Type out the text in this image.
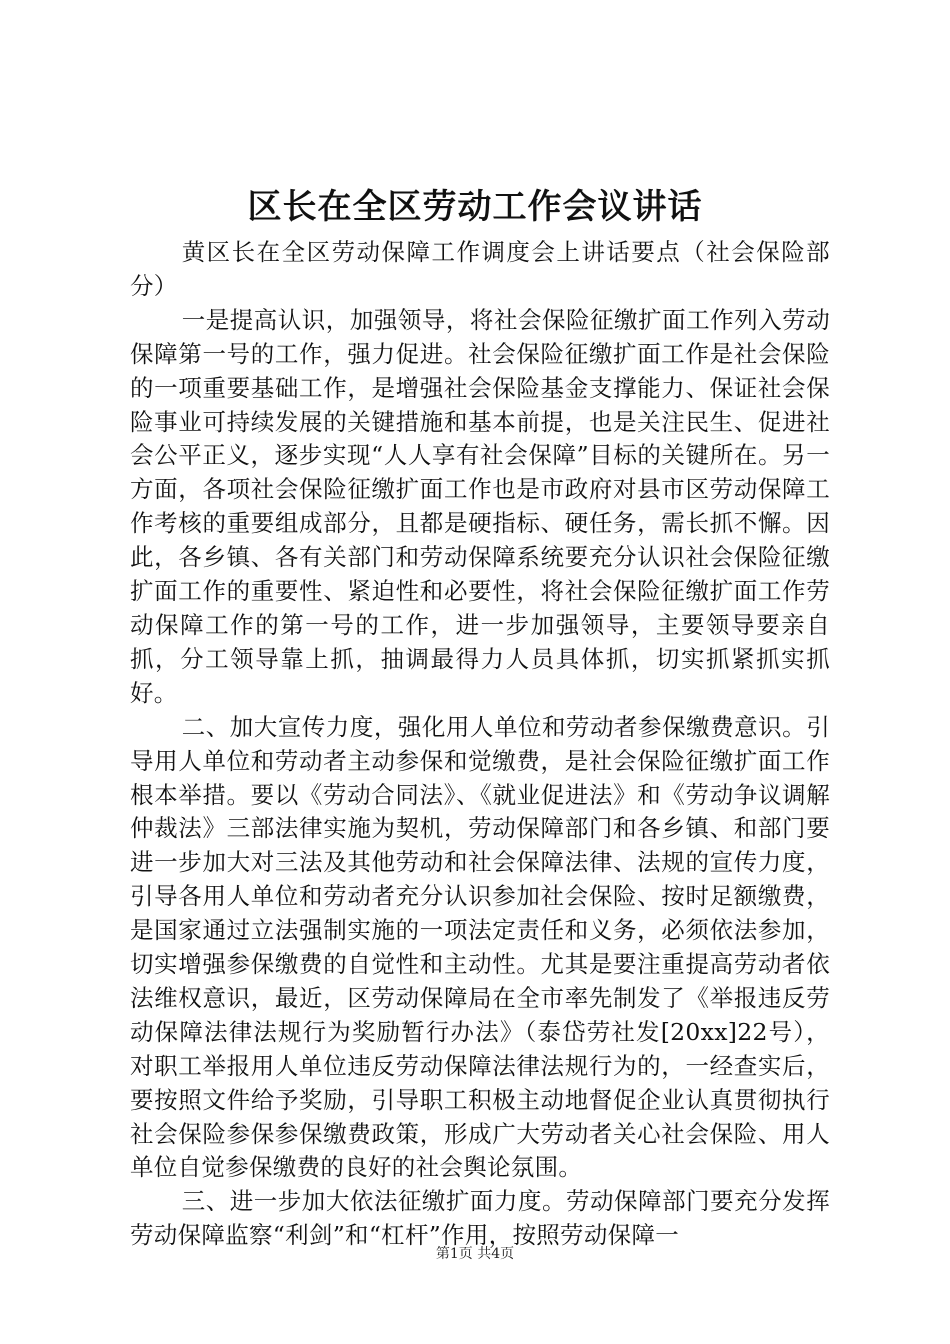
区长在全区劳动工作会议讲话

黄区长在全区劳动保障工作调度会上讲话要点（社会保险部分）

一是提高认识，加强领导，将社会保险征缴扩面工作列入劳动保障第一号的工作，强力促进。社会保险征缴扩面工作是社会保险的一项重要基础工作，是增强社会保险基金支撑能力、保证社会保险事业可持续发展的关键措施和基本前提，也是关注民生、促进社会公平正义，逐步实现“人人享有社会保障”目标的关键所在。另一方面，各项社会保险征缴扩面工作也是市政府对县市区劳动保障工作考核的重要组成部分，且都是硬指标、硬任务，需长抓不懈。因此，各乡镇、各有关部门和劳动保障系统要充分认识社会保险征缴扩面工作的重要性、紧迫性和必要性，将社会保险征缴扩面工作劳动保障工作的第一号的工作，进一步加强领导，主要领导要亲自抓，分工领导靠上抓，抽调最得力人员具体抓，切实抓紧抓实抓好。

二、加大宣传力度，强化用人单位和劳动者参保缴费意识。引导用人单位和劳动者主动参保和觉缴费，是社会保险征缴扩面工作根本举措。要以《劳动合同法》、《就业促进法》和《劳动争议调解仲裁法》三部法律实施为契机，劳动保障部门和各乡镇、和部门要进一步加大对三法及其他劳动和社会保障法律、法规的宣传力度，引导各用人单位和劳动者充分认识参加社会保险、按时足额缴费，是国家通过立法强制实施的一项法定责任和义务，必须依法参加，切实增强参保缴费的自觉性和主动性。尤其是要注重提高劳动者依法维权意识，最近，区劳动保障局在全市率先制发了《举报违反劳动保障法律法规行为奖励暂行办法》（泰岱劳社发[20xx]22号），对职工举报用人单位违反劳动保障法律法规行为的，一经查实后，要按照文件给予奖励，引导职工积极主动地督促企业认真贯彻执行社会保险参保参保缴费政策，形成广大劳动者关心社会保险、用人单位自觉参保缴费的良好的社会舆论氛围。

三、进一步加大依法征缴扩面力度。劳动保障部门要充分发挥劳动保障监察“利剑”和“杠杆”作用，按照劳动保障一

第1页 共4页
